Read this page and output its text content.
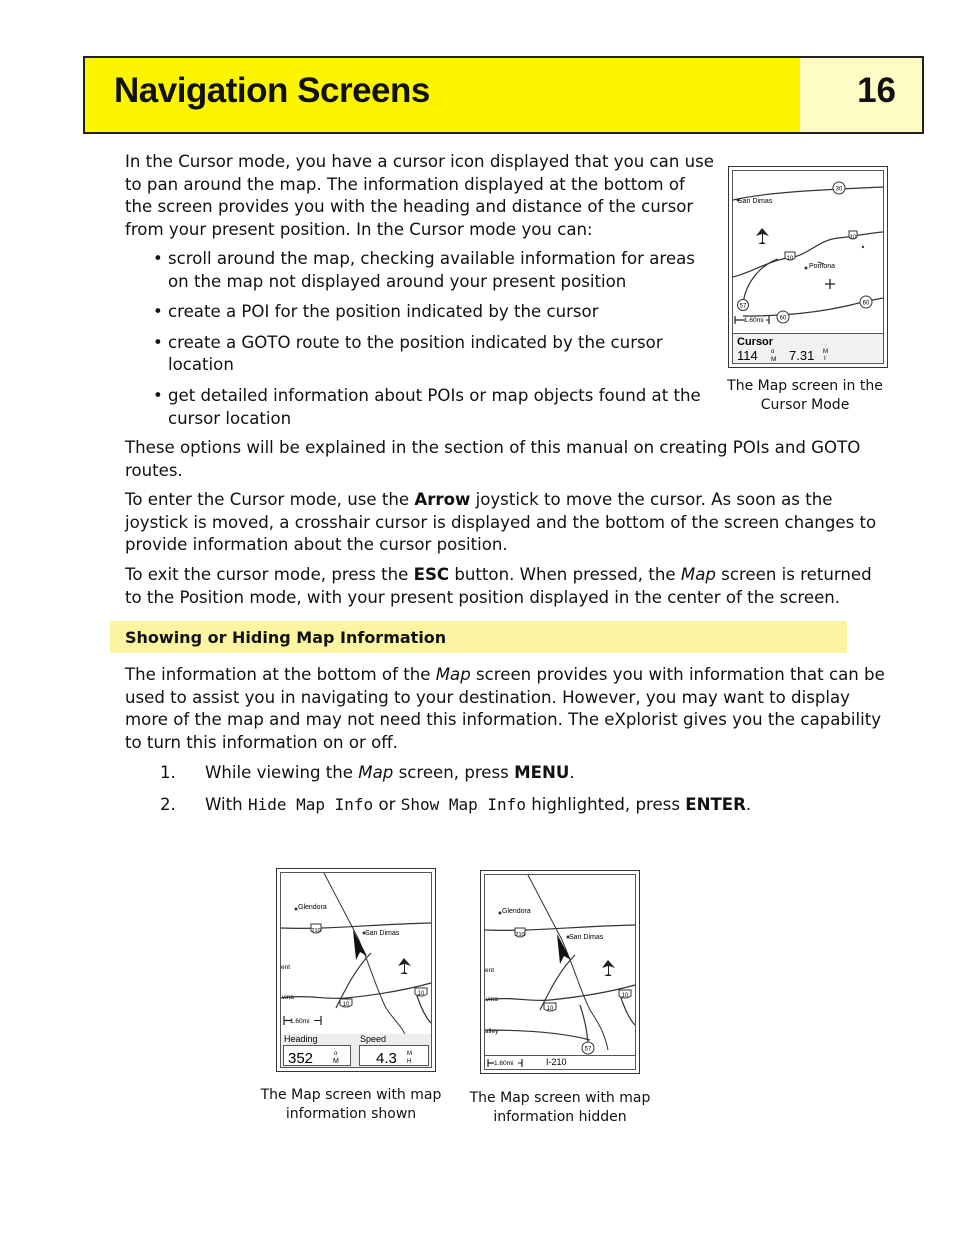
Navigation Screens	16

In the Cursor mode, you have a cursor icon displayed that you can use to pan around the map. The information displayed at the bottom of the screen provides you with the heading and distance of the cursor from your present position. In the Cursor mode you can:

• scroll around the map, checking available information for areas on the map not displayed around your present position
• create a POI for the position indicated by the cursor
• create a GOTO route to the position indicated by the cursor location
• get detailed information about POIs or map objects found at the cursor location

These options will be explained in the section of this manual on creating POIs and GOTO routes.

To enter the Cursor mode, use the Arrow joystick to move the cursor. As soon as the joystick is moved, a crosshair cursor is displayed and the bottom of the screen changes to provide information about the cursor position.

To exit the cursor mode, press the ESC button. When pressed, the Map screen is returned to the Position mode, with your present position displayed in the center of the screen.

Showing or Hiding Map Information

The information at the bottom of the Map screen provides you with information that can be used to assist you in navigating to your destination. However, you may want to display more of the map and may not need this information. The eXplorist gives you the capability to turn this information on or off.

1. While viewing the Map screen, press MENU.
2. With Hide Map Info or Show Map Info highlighted, press ENTER.
30
San Dimas
10
10
Pomona
60
57
60
1.60mi
Cursor
114 o
M 7.31 M
I
The Map screen in the
Cursor Mode
Glendora
210	San Dimas
ent
vina
10
10
1.60mi
Heading	Speed
352	o
M 4.3 M
H
The Map screen with map
information shown
Glendora
210	San Dimas
ent
vina
10
10
alley
57
1.60mi	I-210
The Map screen with map
information hidden
